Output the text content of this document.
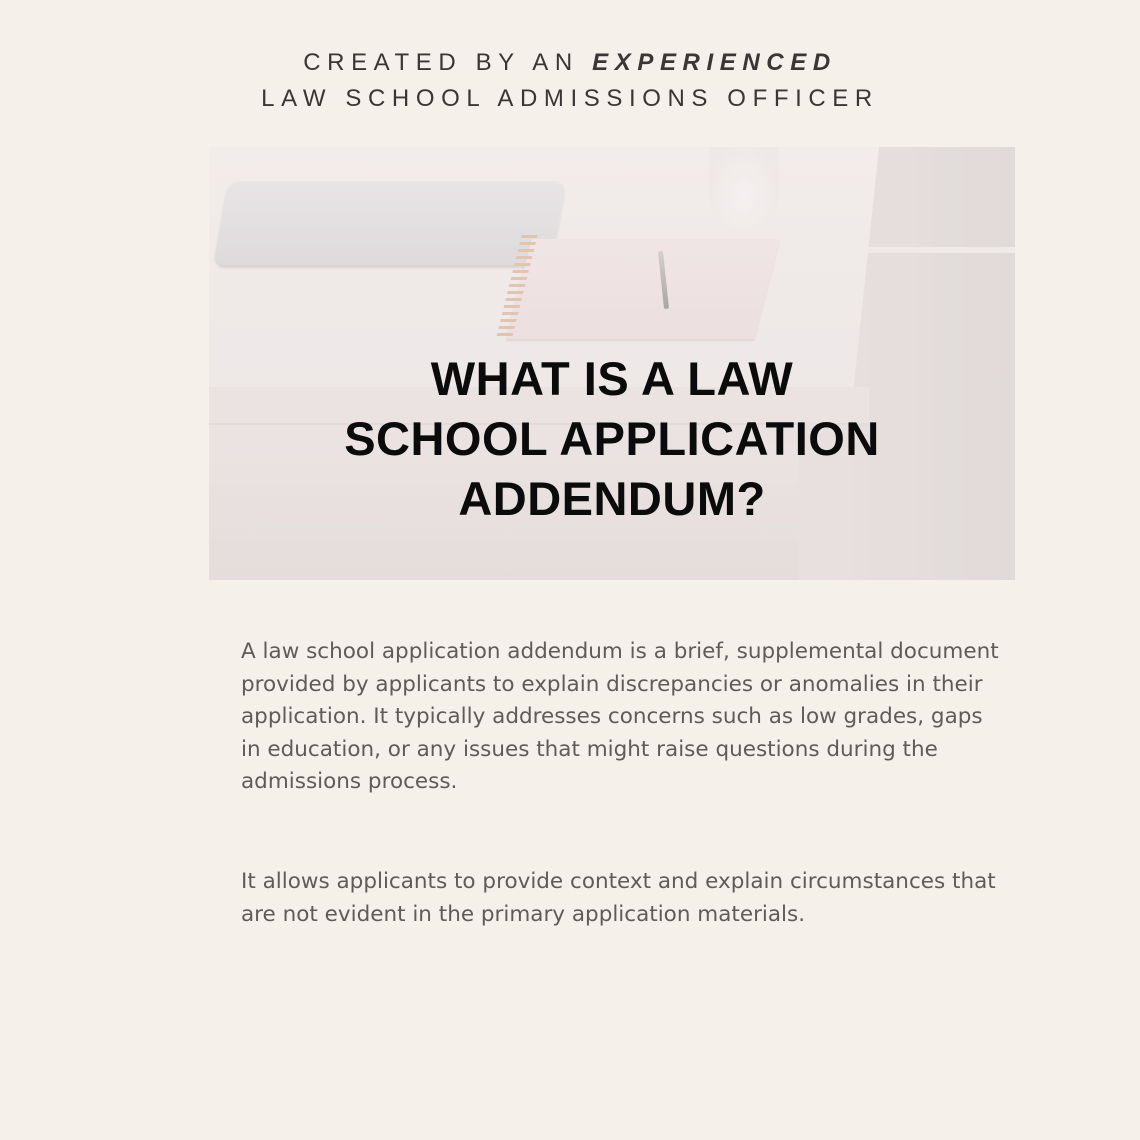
CREATED BY AN EXPERIENCED
LAW SCHOOL ADMISSIONS OFFICER
WHAT IS A LAW
SCHOOL APPLICATION
ADDENDUM?

A law school application addendum is a brief, supplemental document provided by applicants to explain discrepancies or anomalies in their application. It typically addresses concerns such as low grades, gaps in education, or any issues that might raise questions during the admissions process.

It allows applicants to provide context and explain circumstances that are not evident in the primary application materials.
